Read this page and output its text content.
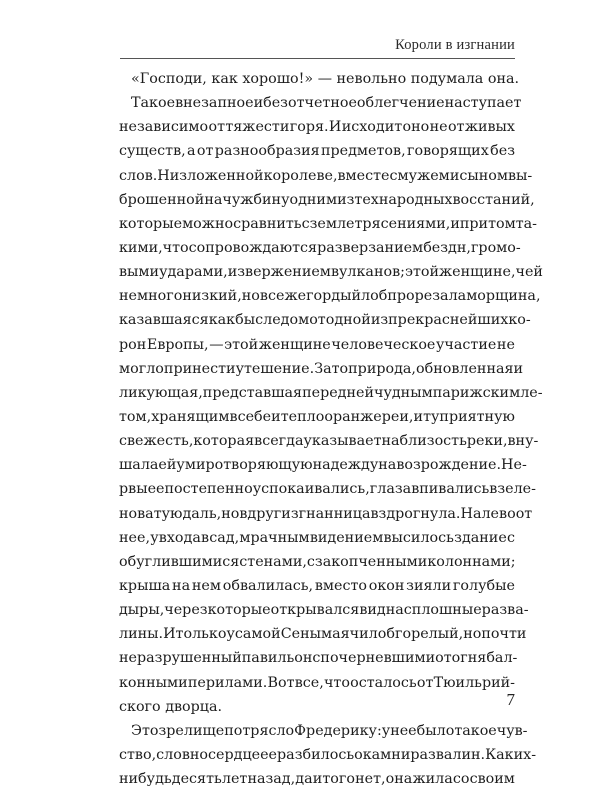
Короли в изгнании
«Господи, как хорошо!» — невольно подумала она.
Такое внезапное и безотчетное облегчение наступает
независимо от тяжести горя. И исходит оно не от живых
существ, а от разнообразия предметов, говорящих без
слов. Низложенной королеве, вместе с мужем и сыном вы-
брошенной на чужбину одним из тех народных восстаний,
которые можно сравнить с землетрясениями, и притом та-
кими, что сопровождаются разверзанием бездн, громо-
выми ударами, извержением вулканов; этой женщине, чей
немного низкий, но все же гордый лоб прорезала морщина,
казавшаяся как бы следом от одной из прекраснейших ко-
рон Европы, — этой женщине человеческое участие не
могло принести утешение. Зато природа, обновленная и
ликующая, представшая перед ней чудным парижским ле-
том, хранящим в себе и тепло оранжереи, и ту приятную
свежесть, которая всегда указывает на близость реки, вну-
шала ей умиротворяющую надежду на возрождение. Не-
рвы ее постепенно успокаивались, глаза впивались в зеле-
новатую даль, но вдруг изгнанница вздрогнула. Налево от
нее, у входа в сад, мрачным видением высилось здание с
обуглившимися стенами, с закопченными колоннами;
крыша на нем обвалилась, вместо окон зияли голубые
дыры, через которые открывался вид на сплошные разва-
лины. И только у самой Сены маячил обгорелый, но почти
не разрушенный павильон с почерневшими от огня бал-
конными перилами. Вот все, что осталось от Тюильрий-
ского дворца.
Это зрелище потрясло Фредерику: у нее было такое чув-
ство, словно сердце ее разбилось о камни развалин. Каких-
нибудь десять лет назад, да и того нет, она жила со своим
7
